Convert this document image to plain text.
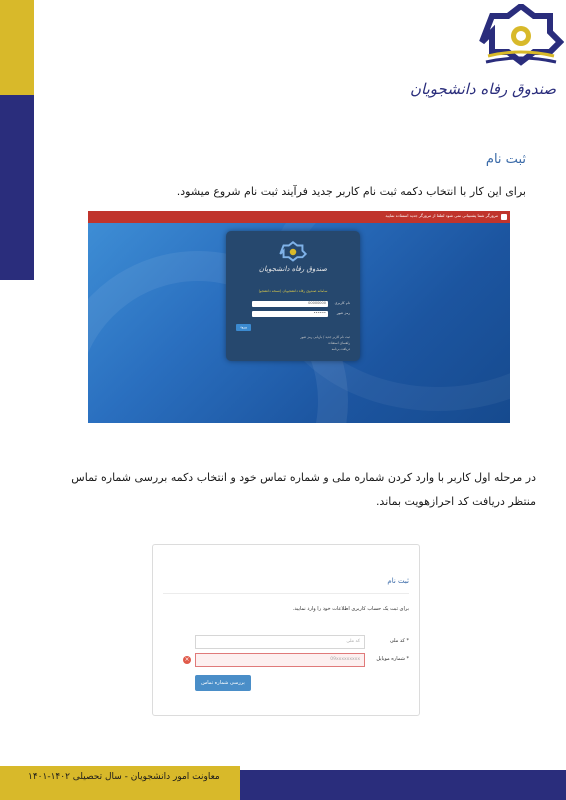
صندوق رفاه دانشجویان
ثبت نام
برای این کار با انتخاب دکمه ثبت نام کاربر جدید فرآیند ثبت نام شروع میشود.
مرورگر شما پشتیبانی نمی شود لطفا از مرورگر جدید استفاده نمایید
صندوق رفاه دانشجویان
سامانه صندوق رفاه دانشجویان (نسخه دانشجو)
نام کاربری
00000000
رمز عبور
••••••
ورود
ثبت نام کاربر جدید / بازیابی رمز عبور
راهنمای استفاده
دریافت برنامه
در مرحله اول کاربر با وارد کردن شماره ملی و شماره تماس خود و انتخاب دکمه بررسی شماره تماس منتظر دریافت کد احرازهویت بماند.
ثبت نام
برای ثبت یک حساب کاربری اطلاعات خود را وارد نمایید.
* کد ملی
کد ملی
* شماره موبایل
09xxxxxxxxx
×
بررسی شماره تماس
معاونت امور دانشجویان - سال تحصیلی ۱۴۰۲-۱۴۰۱
